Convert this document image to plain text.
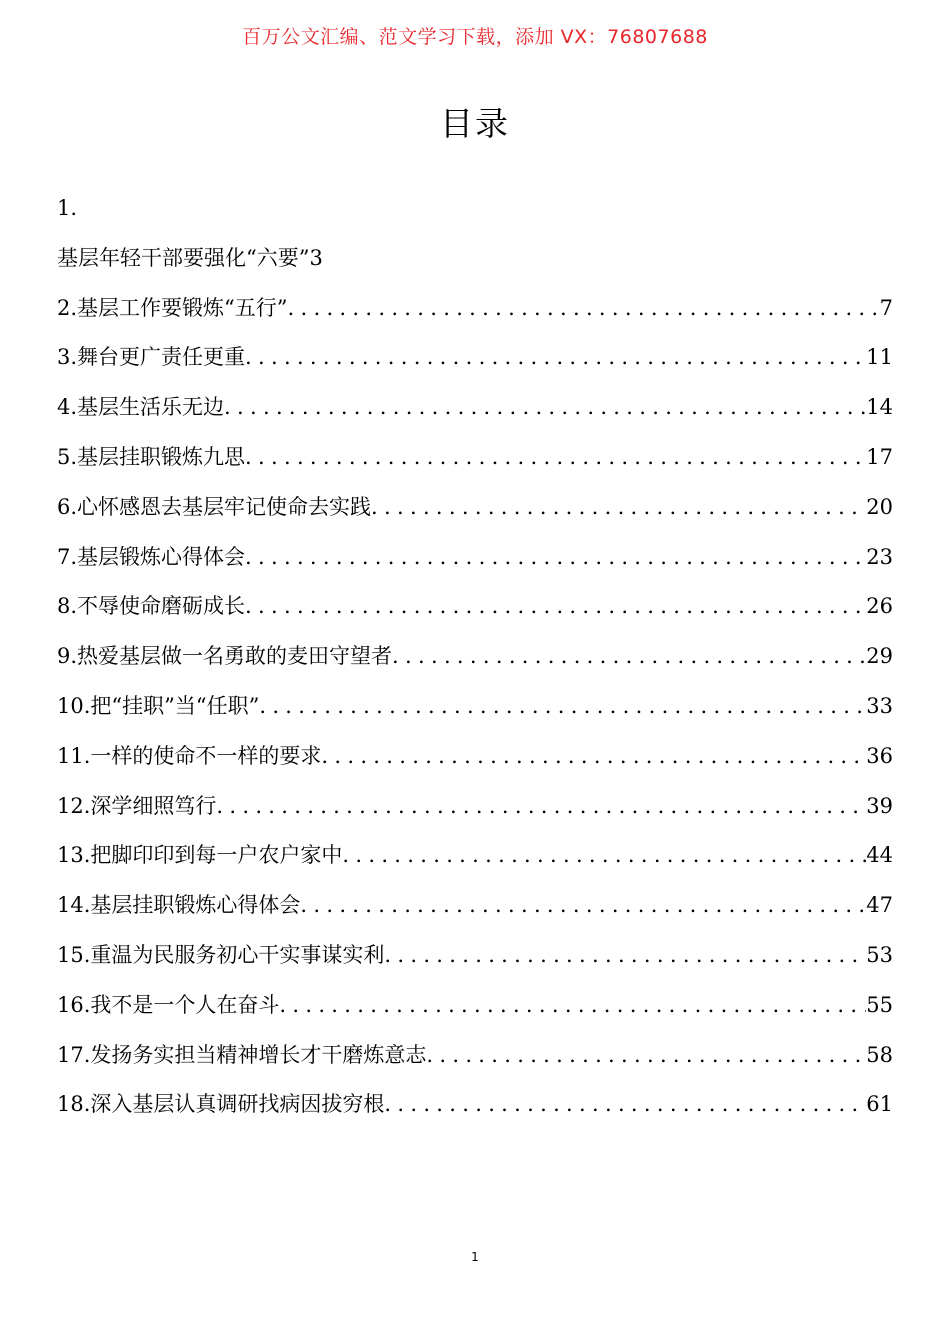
百万公文汇编、范文学习下载，添加 VX：76807688
目录
1.
基层年轻干部要强化“六要”3
2.基层工作要锻炼“五行” .....	7
3.舞台更广责任更重 .....	11
4.基层生活乐无边 .....	14
5.基层挂职锻炼九思 .....	17
6.心怀感恩去基层牢记使命去实践 .....	20
7.基层锻炼心得体会 .....	23
8.不辱使命磨砺成长 .....	26
9.热爱基层做一名勇敢的麦田守望者 .....	29
10.把“挂职”当“任职” .....	33
11.一样的使命不一样的要求 .....	36
12.深学细照笃行 .....	39
13.把脚印印到每一户农户家中 .....	44
14.基层挂职锻炼心得体会 .....	47
15.重温为民服务初心干实事谋实利 .....	53
16.我不是一个人在奋斗 .....	55
17.发扬务实担当精神增长才干磨炼意志 .....	58
18.深入基层认真调研找病因拔穷根 .....	61
1
